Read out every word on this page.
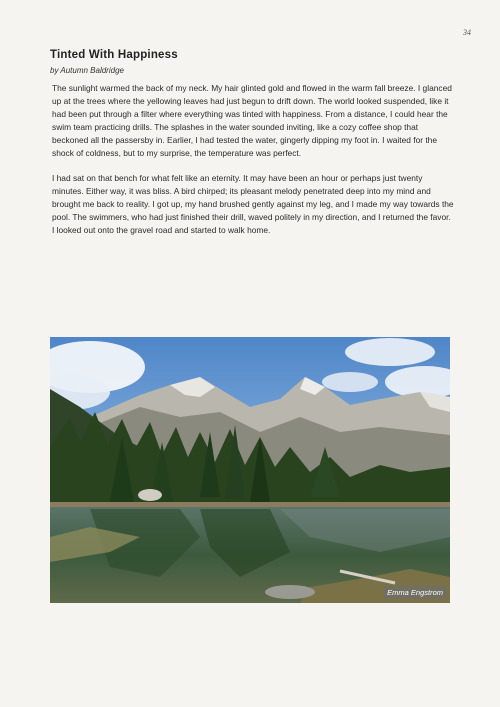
34
Tinted With Happiness
by Autumn Baldridge

The sunlight warmed the back of my neck. My hair glinted gold and flowed in the warm fall breeze. I glanced up at the trees where the yellowing leaves had just begun to drift down. The world looked suspended, like it had been put through a filter where everything was tinted with happiness. From a distance, I could hear the swim team practicing drills. The splashes in the water sounded inviting, like a cozy coffee shop that beckoned all the passersby in. Earlier, I had tested the water, gingerly dipping my foot in. I waited for the shock of coldness, but to my surprise, the temperature was perfect.

I had sat on that bench for what felt like an eternity. It may have been an hour or perhaps just twenty minutes. Either way, it was bliss. A bird chirped; its pleasant melody penetrated deep into my mind and brought me back to reality. I got up, my hand brushed gently against my leg, and I made my way towards the pool. The swimmers, who had just finished their drill, waved politely in my direction, and I returned the favor. I looked out onto the gravel road and started to walk home.

Emma Engstrom
